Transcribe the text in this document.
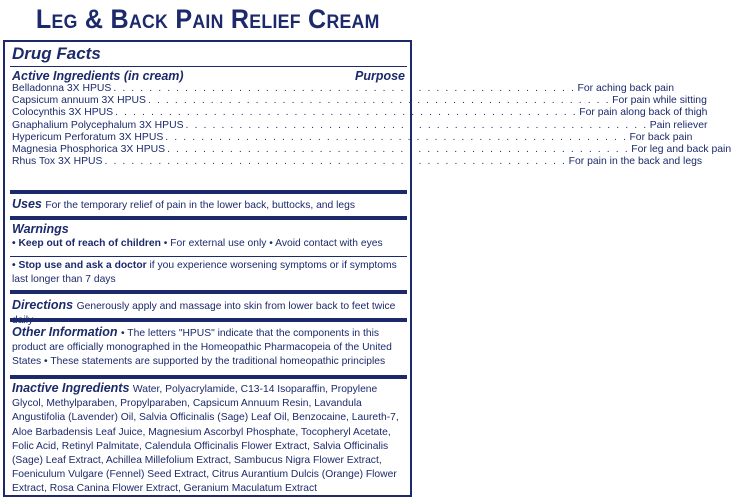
Leg & Back Pain Relief Cream
Drug Facts
Active Ingredients (in cream)	Purpose
Belladonna 3X HPUS . . . . . . . . . . . . . . . . . . . . . . . . . . . . . . . . . . . . . . . . . . . . . . . . . . . . For aching back pain
Capsicum annuum 3X HPUS . . . . . . . . . . . . . . . . . . . . . . . . . . . . . . . . . . . . . . . . . . . . . . . . . . . . For pain while sitting
Colocynthis 3X HPUS . . . . . . . . . . . . . . . . . . . . . . . . . . . . . . . . . . . . . . . . . . . . . . . . . . . . For pain along back of thigh
Gnaphalium Polycephalum 3X HPUS . . . . . . . . . . . . . . . . . . . . . . . . . . . . . . . . . . . . . . . . . . . . . . . . . . . . Pain reliever
Hypericum Perforatum 3X HPUS . . . . . . . . . . . . . . . . . . . . . . . . . . . . . . . . . . . . . . . . . . . . . . . . . . . . For back pain
Magnesia Phosphorica 3X HPUS . . . . . . . . . . . . . . . . . . . . . . . . . . . . . . . . . . . . . . . . . . . . . . . . . . . . For leg and back pain
Rhus Tox 3X HPUS . . . . . . . . . . . . . . . . . . . . . . . . . . . . . . . . . . . . . . . . . . . . . . . . . . . . For pain in the back and legs
Uses For the temporary relief of pain in the lower back, buttocks, and legs
Warnings
• Keep out of reach of children • For external use only • Avoid contact with eyes
• Stop use and ask a doctor if you experience worsening symptoms or if symptoms last longer than 7 days
Directions Generously apply and massage into skin from lower back to feet twice
Other Information • The letters "HPUS" indicate that the components in this product are officially monographed in the Homeopathic Pharmacopeia of the United States • These statements are supported by the traditional homeopathic principles
Inactive Ingredients Water, Polyacrylamide, C13-14 Isoparaffin, Propylene Glycol, Methylparaben, Propylparaben, Capsicum Annuum Resin, Lavandula Angustifolia (Lavender) Oil, Salvia Officinalis (Sage) Leaf Oil, Benzocaine, Laureth-7, Aloe Barbadensis Leaf Juice, Magnesium Ascorbyl Phosphate, Tocopheryl Acetate, Folic Acid, Retinyl Palmitate, Calendula Officinalis Flower Extract, Salvia Officinalis (Sage) Leaf Extract, Achillea Millefolium Extract, Sambucus Nigra Flower Extract, Foeniculum Vulgare (Fennel) Seed Extract, Citrus Aurantium Dulcis (Orange) Flower Extract, Rosa Canina Flower Extract, Geranium Maculatum Extract
